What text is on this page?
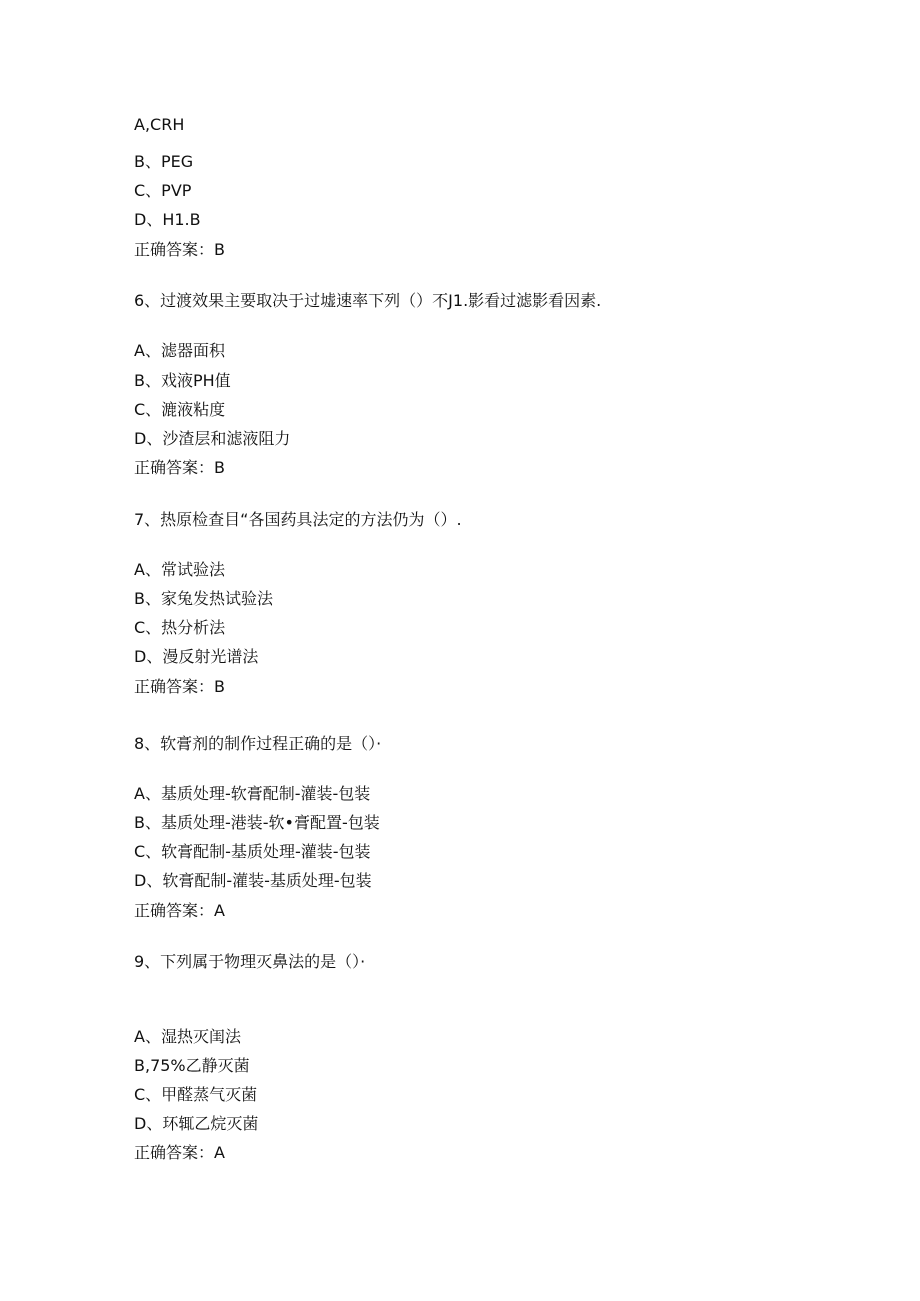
A,CRH
B、PEG
C、PVP
D、H1.B
正确答案：B
6、过渡效果主要取决于过墟速率下列（）不J1.影看过滤影看因素.
A、滤器面积
B、戏液PH值
C、漉液粘度
D、沙渣层和滤液阻力
正确答案：B
7、热原检查目“各国药具法定的方法仍为（）.
A、常试验法
B、家兔发热试验法
C、热分析法
D、漫反射光谱法
正确答案：B
8、软膏剂的制作过程正确的是（）·
A、基质处理-软膏配制-灌装-包装
B、基质处理-港装-软•膏配置-包装
C、软膏配制-基质处理-灌装-包装
D、软膏配制-灌装-基质处理-包装
正确答案：A
9、下列属于物理灭鼻法的是（）·
A、湿热灭闺法
B,75%乙静灭菌
C、甲醛蒸气灭菌
D、环辄乙烷灭菌
正确答案：A
